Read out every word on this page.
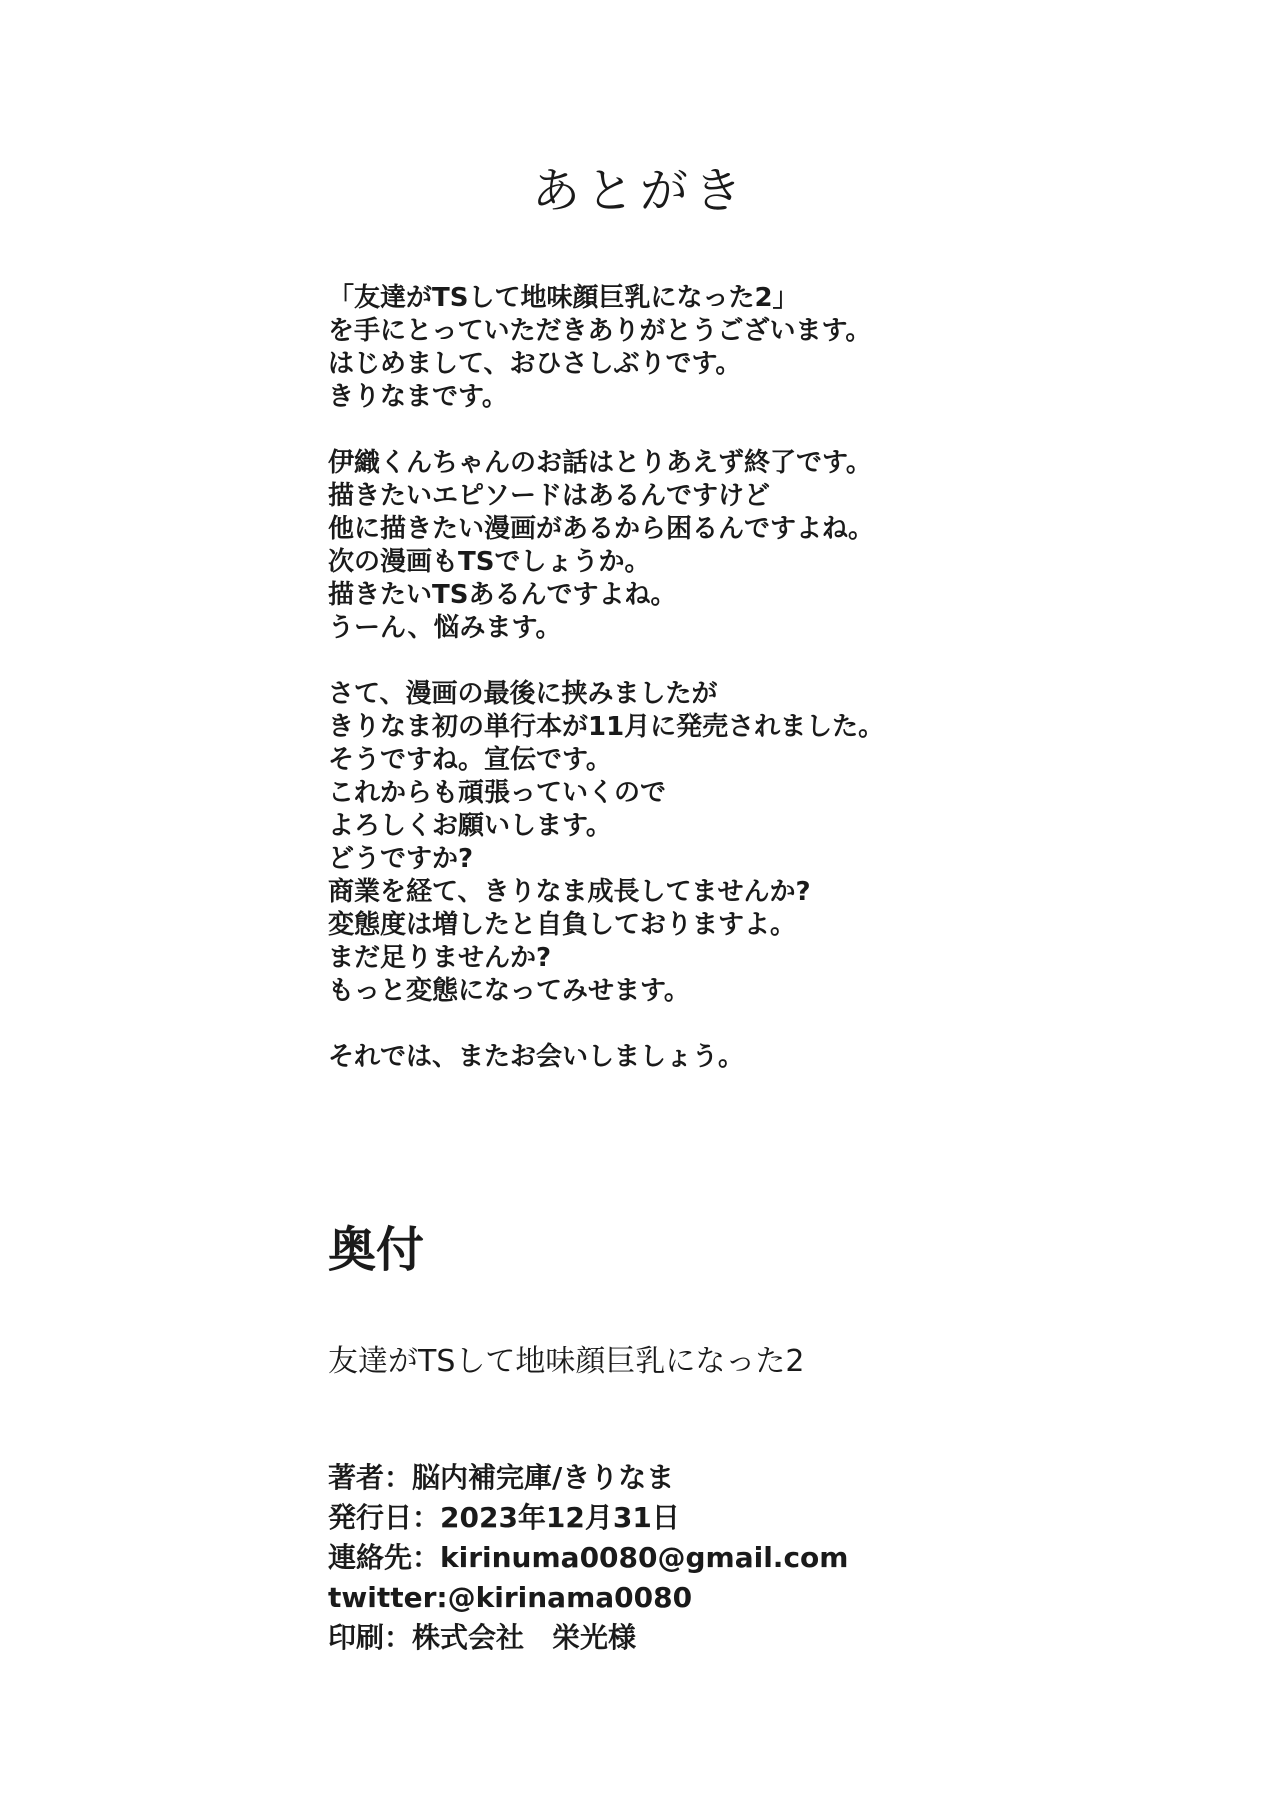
あとがき
「友達がTSして地味顔巨乳になった2」
を手にとっていただきありがとうございます。
はじめまして、おひさしぶりです。
きりなまです。
伊織くんちゃんのお話はとりあえず終了です。
描きたいエピソードはあるんですけど
他に描きたい漫画があるから困るんですよね。
次の漫画もTSでしょうか。
描きたいTSあるんですよね。
うーん、悩みます。
さて、漫画の最後に挟みましたが
きりなま初の単行本が11月に発売されました。
そうですね。宣伝です。
これからも頑張っていくので
よろしくお願いします。
どうですか?
商業を経て、きりなま成長してませんか?
変態度は増したと自負しておりますよ。
まだ足りませんか?
もっと変態になってみせます。
それでは、またお会いしましょう。
奥付
友達がTSして地味顔巨乳になった2
著者：脳内補完庫/きりなま
発行日：2023年12月31日
連絡先：kirinuma0080@gmail.com
twitter:@kirinama0080
印刷：株式会社　栄光様
